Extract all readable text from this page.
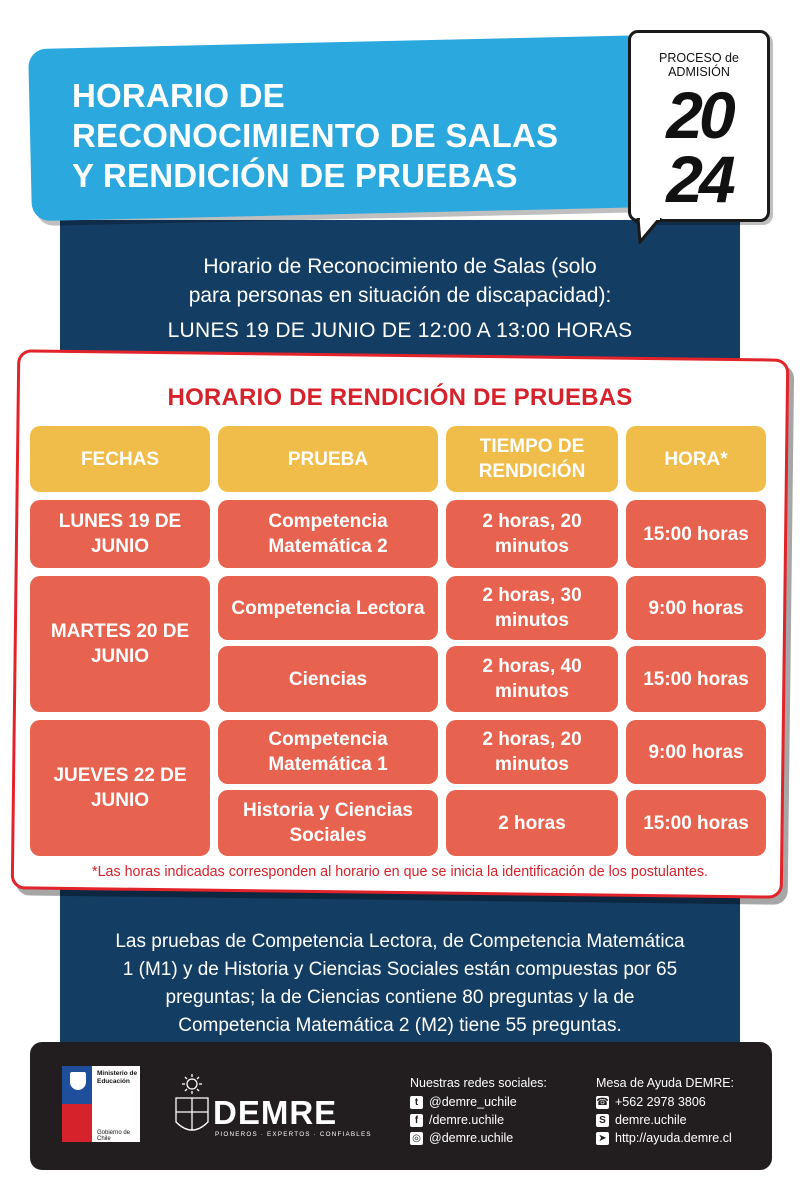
HORARIO DE
RECONOCIMIENTO DE SALAS
Y RENDICIÓN DE PRUEBAS
PROCESO de
ADMISIÓN
20
24
Horario de Reconocimiento de Salas (solo
para personas en situación de discapacidad):
LUNES 19 DE JUNIO DE 12:00 A 13:00 HORAS
HORARIO DE RENDICIÓN DE PRUEBAS
FECHAS	PRUEBA
TIEMPO DE RENDICIÓN
HORA*
LUNES 19 DE JUNIO
MARTES 20 DE JUNIO
JUEVES 22 DE JUNIO
Competencia Matemática 2
2 horas, 20 minutos
15:00 horas
Competencia Lectora
2 horas, 30 minutos
9:00 horas
Ciencias
2 horas, 40 minutos
15:00 horas
Competencia Matemática 1
2 horas, 20 minutos
9:00 horas
Historia y Ciencias Sociales
2 horas	15:00 horas
*Las horas indicadas corresponden al horario en que se inicia la identificación de los postulantes.
Las pruebas de Competencia Lectora, de Competencia Matemática
1 (M1) y de Historia y Ciencias Sociales están compuestas por 65
preguntas; la de Ciencias contiene 80 preguntas y la de
Competencia Matemática 2 (M2) tiene 55 preguntas.
Ministerio de
Educación
Gobierno de Chile
DEMRE
PIONEROS · EXPERTOS · CONFIABLES
Nuestras redes sociales:
t @demre_uchile
f /demre.uchile
◎ @demre.uchile
Mesa de Ayuda DEMRE:
☎ +562 2978 3806
S demre.uchile
➤ http://ayuda.demre.cl
